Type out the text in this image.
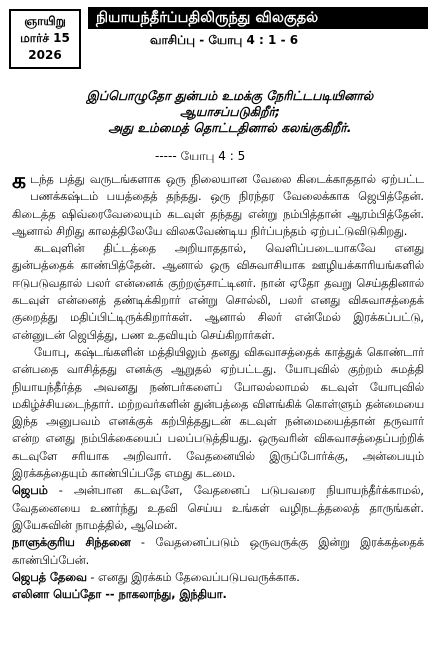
ஞாயிறு
மார்ச் 15
2026
நியாயந்தீர்ப்பதிலிருந்து விலகுதல்
வாசிப்பு - யோபு 4 : 1 - 6
இப்பொழுதோ துன்பம் உமக்கு நேரிட்டபடியினால்
ஆயாசப்படுகிறீர்;
அது உம்மைத் தொட்டதினால் கலங்குகிறீர்.
----- யோபு 4 : 5

கடந்த பத்து வருடங்களாக ஒரு நிலையான வேலை கிடைக்காததால் ஏற்பட்ட பணக்கஷ்டம் பயத்தைத் தந்தது. ஒரு நிரந்தர வேலைக்காக ஜெபித்தேன். கிடைத்த ஷிவ்ரைவேலையும் கடவுள் தந்தது என்று நம்பித்தான் ஆரம்பித்தேன். ஆனால் சிறிது காலத்திலேயே விலகவேண்டிய நிர்ப்பந்தம் ஏற்பட்டுவிடுகிறது.

கடவுளின் திட்டத்தை அறியாததால், வெளிப்படையாகவே எனது துன்பத்தைக் காண்பித்தேன். ஆனால் ஒரு விசுவாசியாக ஊழியக்காரியங்களில் ஈடுபடுவதால் பலர் என்னைக் குற்றஞ்சாட்டினர். நான் ஏதோ தவறு செய்ததினால் கடவுள் என்னைத் தண்டிக்கிறார் என்று சொல்லி, பலர் எனது விசுவாசத்தைக் குறைத்து மதிப்பிட்டிருக்கிறார்கள். ஆனால் சிலர் என்மேல் இரக்கப்பட்டு, என்னுடன் ஜெபித்து, பண உதவியும் செய்கிறார்கள்.

யோபு, கஷ்டங்களின் மத்தியிலும் தனது விசுவாசத்தைக் காத்துக் கொண்டார் என்பதை வாசித்தது எனக்கு ஆறுதல் ஏற்பட்டது. யோபுவில் குற்றம் சுமத்தி நியாயந்தீர்த்த அவனது நண்பர்களைப் போலல்லாமல் கடவுள் யோபுவில் மகிழ்ச்சியடைந்தார். மற்றவர்களின் துன்பத்தை விளங்கிக் கொள்ளும் தன்மையை இந்த அனுபவம் எனக்குக் கற்பித்ததுடன் கடவுள் நன்மையைத்தான் தருவார் என்ற எனது நம்பிக்கையைப் பலப்படுத்தியது. ஒருவரின் விசுவாசத்தைப்பற்றிக் கடவுளே சரியாக அறிவார். வேதனையில் இருப்போர்க்கு, அன்பையும் இரக்கத்தையும் காண்பிப்பதே எமது கடமை.

ஜெபம் - அன்பான கடவுளே, வேதனைப் படுபவரை நியாயந்தீர்க்காமல், வேதனையை உணர்ந்து உதவி செய்ய உங்கள் வழிநடத்தலைத் தாருங்கள். இயேசுவின் நாமத்தில், ஆமென்.
நாளுக்குரிய சிந்தனை - வேதனைப்படும் ஒருவருக்கு இன்று இரக்கத்தைக் காண்பிப்பேன்.
ஜெபத் தேவை - எனது இரக்கம் தேவைப்படுபவருக்காக.
எலினா யெப்தோ -- நாகலாந்து, இந்தியா.
